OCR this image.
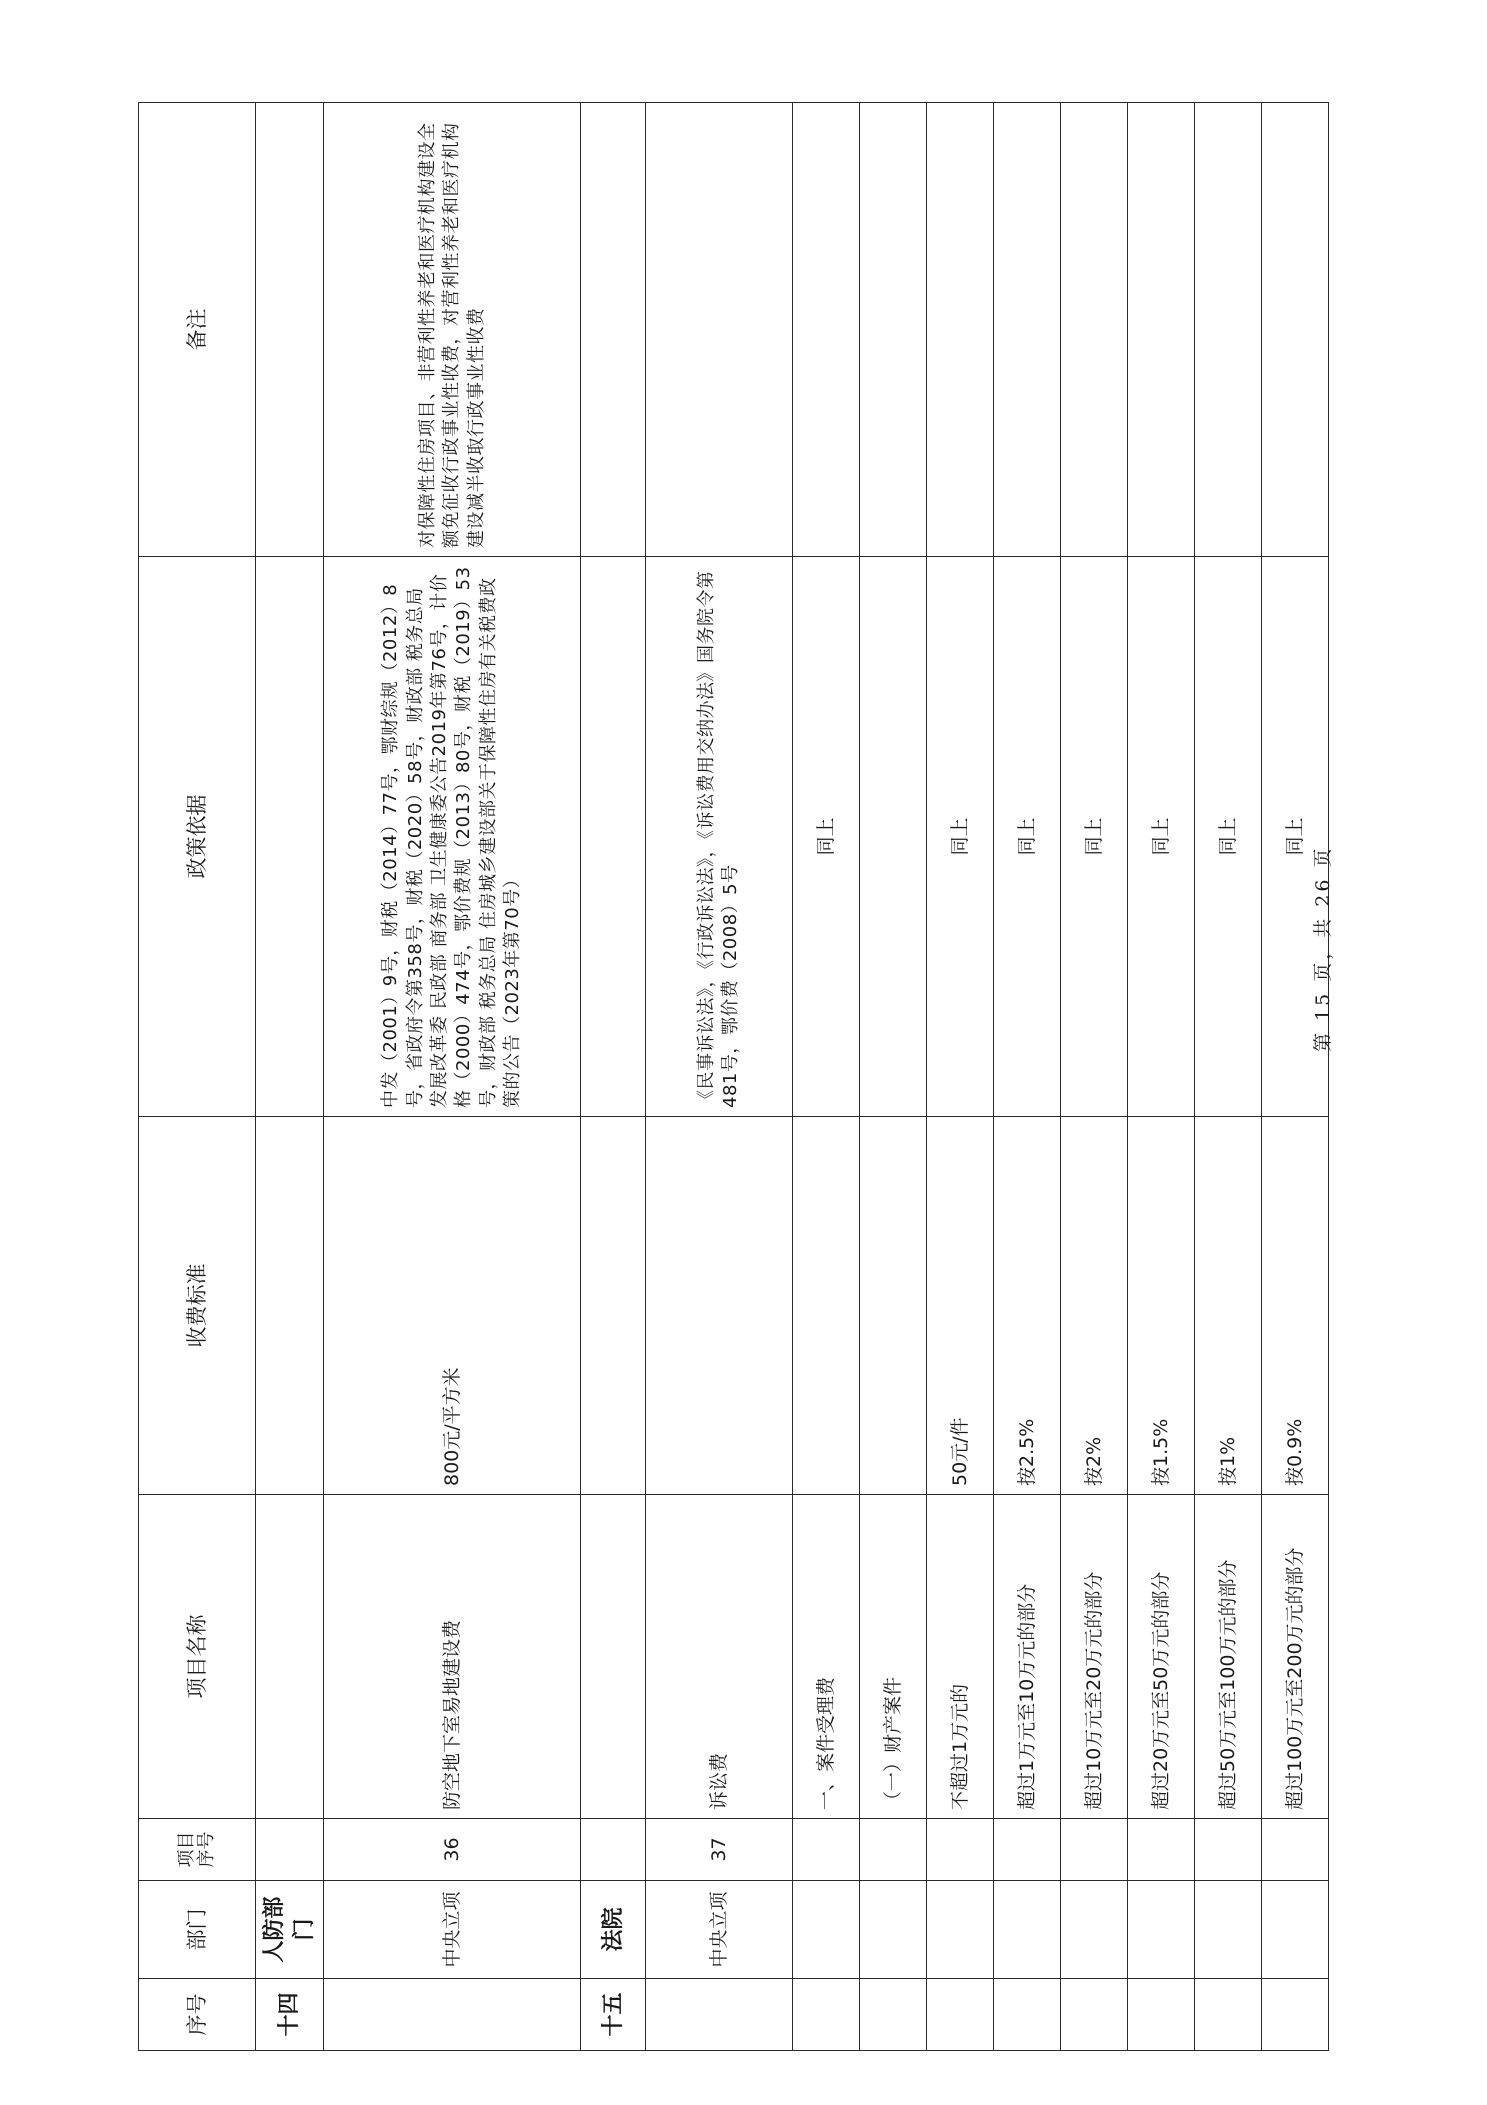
序号	部门	项目序号	项目名称	收费标准	政策依据	备注
十四	人防部门					
	中央立项	36	防空地下室易地建设费	800元/平方米	中发（2001）9号，财税（2014）77号，鄂财综规（2012）8号，省政府令第358号，财税（2020）58号，财政部 税务总局 发展改革委 民政部 商务部 卫生健康委公告2019年第76号，计价格（2000）474号，鄂价费规（2013）80号，财税（2019）53号，财政部 税务总局 住房城乡建设部关于保障性住房有关税费政策的公告（2023年第70号）	对保障性住房项目、非营利性养老和医疗机构建设全额免征收行政事业性收费，对营利性养老和医疗机构建设减半收取行政事业性收费
十五	法院					
	中央立项	37	诉讼费		《民事诉讼法》，《行政诉讼法》，《诉讼费用交纳办法》国务院令第481号，鄂价费（2008）5号	
			一、案件受理费		同上	
			（一）财产案件			
			不超过1万元的	50元/件	同上	
			超过1万元至10万元的部分	按2.5%	同上	
			超过10万元至20万元的部分	按2%	同上	
			超过20万元至50万元的部分	按1.5%	同上	
			超过50万元至100万元的部分	按1%	同上	
			超过100万元至200万元的部分	按0.9%	同上	
第 15 页，共 26 页
